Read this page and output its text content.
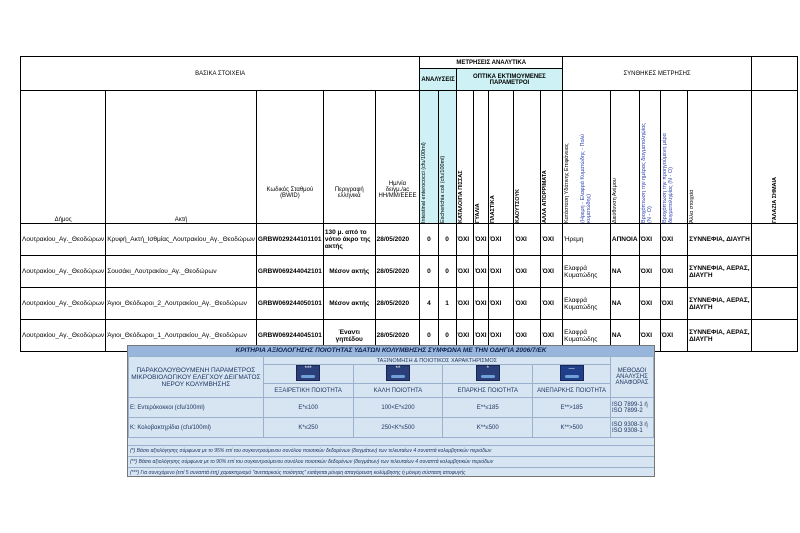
ΒΑΣΙΚΑ ΣΤΟΙΧΕΙΑ					ΜΕΤΡΗΣΕΙΣ ΑΝΑΛΥΤΙΚΑ							ΣΥΝΘΗΚΕΣ ΜΕΤΡΗΣΗΣ					
					ΑΝΑΛΥΣΕΙΣ		ΟΠΤΙΚΑ ΕΚΤΙΜΟΥΜΕΝΕΣ ΠΑΡΑΜΕΤΡΟΙ										
Δήμος	Ακτή	Κωδικός Σταθμού (BWID)	Περιγραφή ελληνικά	Ημ/νία δειγμ./ac HH/MM/EEEE	Intestinal enterococci (cfu/100ml)	Escherichia coli (cfu/100ml)	ΚΑΤΑΛΟΙΠΑ ΠΙΣΣΑΣ	ΓΥΑΛΙΑ	ΠΛΑΣΤΙΚΑ	ΚΑΟΥΤΣΟΥΚ	ΑΛΛΑ ΑΠΟΡΡΙΜΑΤΑ	Κατάσταση Υδάτινης Επιφάνειας (Ηρεμη - Ελαφρά Κυματώδης - Πολύ κυματώδης)	Διεύθυνση Ανέμου	Βροχόπτωση την ημέρας δειγματοληψίας (Ν - Ο)	Βροχόπτωση την προηγούμενη μέρα δειγματοληψίας (Ν - Ο)	Άλλα στοιχεία	ΓΑΛΑΖΙΑ ΣΗΜΑΙΑ

Λουτρακίου_Αγ._Θεοδώρων	Κρυφή_Ακτή_Ισθμίας_Λουτρακίου_Αγ._Θεοδώρων	GRBW029244101101	130 μ. από το νότιο άκρο της ακτής	28/05/2020	0	0	ΌΧΙ	ΌΧΙ	ΌΧΙ	ΌΧΙ	ΌΧΙ	Ήρεμη	ΑΠΝΟΙΑ	ΌΧΙ	ΌΧΙ	ΣΥΝΝΕΦΙΑ, ΔΙΑΥΓΗ	
Λουτρακίου_Αγ._Θεοδώρων	Σουσάκι_Λουτρακίου_Αγ._Θεοδώρων	GRBW069244042101	Μέσον ακτής	28/05/2020	0	0	ΌΧΙ	ΌΧΙ	ΌΧΙ	ΌΧΙ	ΌΧΙ	Ελαφρά Κυματώδης	ΝΑ	ΌΧΙ	ΌΧΙ	ΣΥΝΝΕΦΙΑ, ΑΕΡΑΣ, ΔΙΑΥΓΗ	
Λουτρακίου_Αγ._Θεοδώρων	Άγιοι_Θεόδωροι_2_Λουτρακίου_Αγ._Θεοδώρων	GRBW069244050101	Μέσον ακτής	28/05/2020	4	1	ΌΧΙ	ΌΧΙ	ΌΧΙ	ΌΧΙ	ΌΧΙ	Ελαφρά Κυματώδης	ΝΑ	ΌΧΙ	ΌΧΙ	ΣΥΝΝΕΦΙΑ, ΑΕΡΑΣ, ΔΙΑΥΓΗ	
Λουτρακίου_Αγ._Θεοδώρων	Άγιοι_Θεόδωροι_1_Λουτρακίου_Αγ._Θεοδώρων	GRBW069244045101	Έναντι γηπέδου	28/05/2020	0	0	ΌΧΙ	ΌΧΙ	ΌΧΙ	ΌΧΙ	ΌΧΙ	Ελαφρά Κυματώδης	ΝΑ	ΌΧΙ	ΌΧΙ	ΣΥΝΝΕΦΙΑ, ΑΕΡΑΣ, ΔΙΑΥΓΗ	
ΚΡΙΤΗΡΙΑ ΑΞΙΟΛΟΓΗΣΗΣ ΠΟΙΟΤΗΤΑΣ ΥΔΑΤΩΝ ΚΟΛΥΜΒΗΣΗΣ ΣΥΜΦΩΝΑ ΜΕ ΤΗΝ ΟΔΗΓΙΑ 2006/7/ΕΚ
ΠΑΡΑΚΟΛΟΥΘΟΥΜΕΝΗ ΠΑΡΑΜΕΤΡΟΣ ΜΙΚΡΟΒΙΟΛΟΓΙΚΟΥ ΕΛΕΓΧΟΥ ΔΕΙΓΜΑΤΟΣ ΝΕΡΟΥ ΚΟΛΥΜΒΗΣΗΣ	ΤΑΞΙΝΟΜΗΣΗ & ΠΟΙΟΤΙΚΟΣ ΧΑΡΑΚΤΗΡΙΣΜΟΣ				ΜΕΘΟΔΟΙ ΑΝΑΛΥΣΗΣ ΑΝΑΦΟΡΑΣ

	***	**	*	—	

	ΕΞΑΙΡΕΤΙΚΗ ΠΟΙΟΤΗΤΑ	ΚΑΛΗ ΠΟΙΟΤΗΤΑ	ΕΠΑΡΚΗΣ ΠΟΙΟΤΗΤΑ	ΑΝΕΠΑΡΚΗΣ ΠΟΙΟΤΗΤΑ	
E: Εντερόκοκκοι (cfu/100ml)	E*≤100	100<E*≤200	E**≤185	E**>185	ISO 7899-1 ή
ISO 7899-2

K: Κολοβακτηρίδια (cfu/100ml)	K*≤250	250<K*≤500	K**≤500	K**>500	ISO 9308-3 ή
ISO 9308-1
(*) Βάσει αξιολόγησης σύμφωνα με το 95% επί του συγκεντρούμενου συνόλου ποιοτικών δεδομένων (δειγμάτων) των τελευταίων 4 συναπτά κολυμβητικών περιόδων
(**) Βάσει αξιολόγησης σύμφωνα με το 90% επί του συγκεντρούμενου συνόλου ποιοτικών δεδομένων (δειγμάτων) των τελευταίων 4 συναπτά κολυμβητικών περιόδων
(***) Για συνεχόμενο (επί 5 συναπτά έτη) χαρακτηρισμό "ανεπαρκούς ποιότητας" εισάγεται μόνιμη απαγόρευση κολύμβησης ή μόνιμη σύσταση αποφυγής
